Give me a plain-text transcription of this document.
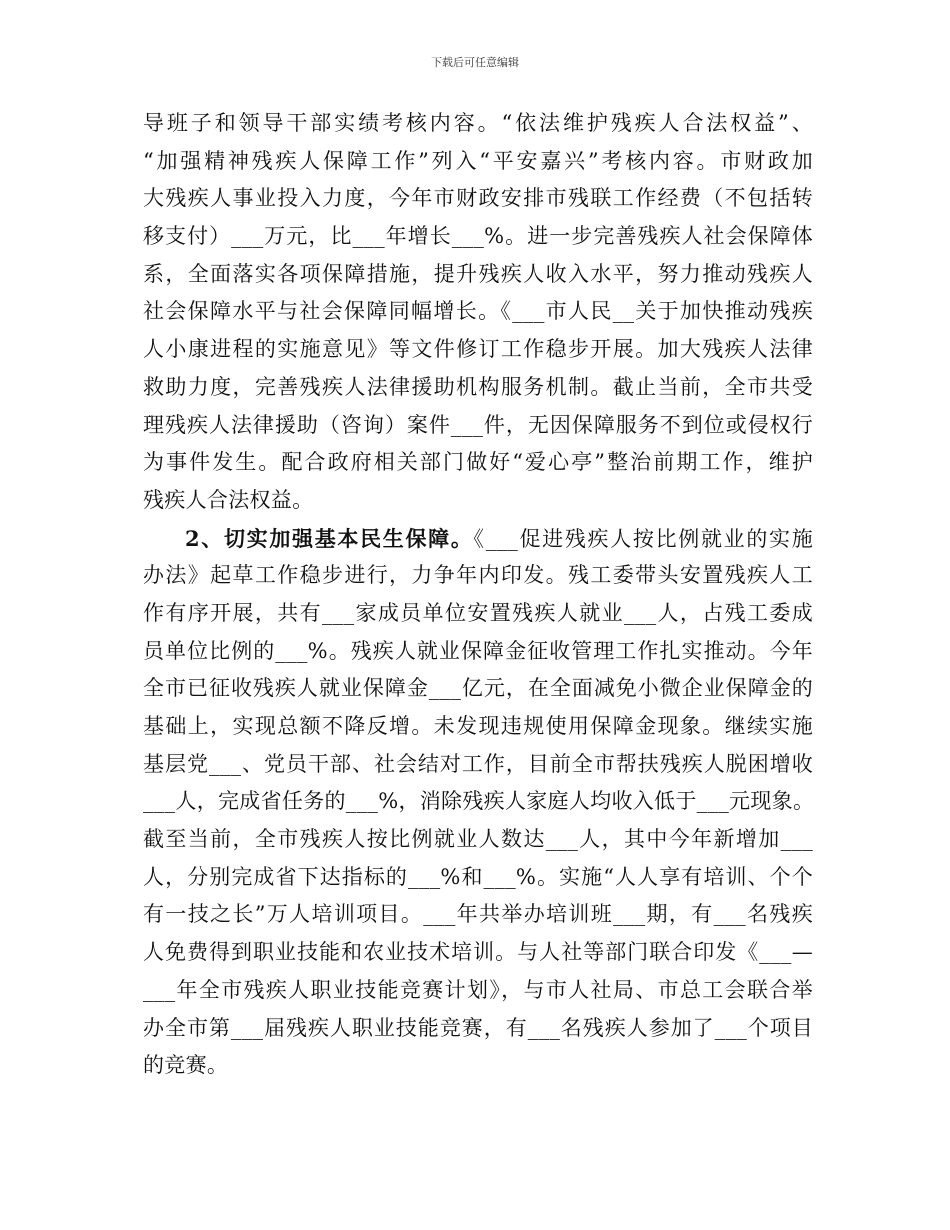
下载后可任意编辑
导班子和领导干部实绩考核内容。“依法维护残疾人合法权益”、
“加强精神残疾人保障工作”列入“平安嘉兴”考核内容。市财政加
大残疾人事业投入力度，今年市财政安排市残联工作经费（不包括转
移支付）___万元，比___年增长___%。进一步完善残疾人社会保障体
系，全面落实各项保障措施，提升残疾人收入水平，努力推动残疾人
社会保障水平与社会保障同幅增长。《___市人民__关于加快推动残疾
人小康进程的实施意见》等文件修订工作稳步开展。加大残疾人法律
救助力度，完善残疾人法律援助机构服务机制。截止当前，全市共受
理残疾人法律援助（咨询）案件___件，无因保障服务不到位或侵权行
为事件发生。配合政府相关部门做好“爱心亭”整治前期工作，维护
残疾人合法权益。
2、切实加强基本民生保障。《___促进残疾人按比例就业的实施
办法》起草工作稳步进行，力争年内印发。残工委带头安置残疾人工
作有序开展，共有___家成员单位安置残疾人就业___人，占残工委成
员单位比例的___%。残疾人就业保障金征收管理工作扎实推动。今年
全市已征收残疾人就业保障金___亿元，在全面减免小微企业保障金的
基础上，实现总额不降反增。未发现违规使用保障金现象。继续实施
基层党___、党员干部、社会结对工作，目前全市帮扶残疾人脱困增收
___人，完成省任务的___%，消除残疾人家庭人均收入低于___元现象。
截至当前，全市残疾人按比例就业人数达___人，其中今年新增加___
人，分别完成省下达指标的___%和___%。实施“人人享有培训、个个
有一技之长”万人培训项目。___年共举办培训班___期，有___名残疾
人免费得到职业技能和农业技术培训。与人社等部门联合印发《___—
___年全市残疾人职业技能竞赛计划》，与市人社局、市总工会联合举
办全市第___届残疾人职业技能竞赛，有___名残疾人参加了___个项目
的竞赛。
